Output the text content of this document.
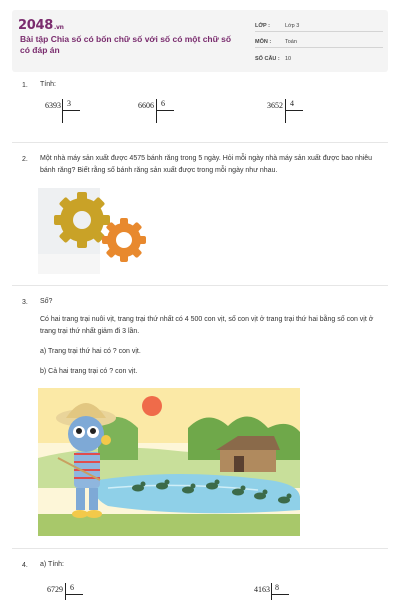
2048.vn
Bài tập Chia số có bốn chữ số với số có một chữ số có đáp án
LỚP :	Lớp 3
MÔN :	Toán
SỐ CÂU : 10
1. Tính:
6393 3	6606 6	3652 4
2. Một nhà máy sản xuất được 4575 bánh răng trong 5 ngày. Hỏi mỗi ngày nhà máy sản xuất được bao nhiêu bánh răng? Biết rằng số bánh răng sản xuất được trong mỗi ngày như nhau.
3. Số?
Có hai trang trại nuôi vịt, trang trại thứ nhất có 4 500 con vịt, số con vịt ở trang trại thứ hai bằng số con vịt ở trang trại thứ nhất giảm đi 3 lần.
a) Trang trại thứ hai có ? con vịt.
b) Cả hai trang trại có ? con vịt.
4. a) Tính:
6729 6	4163 8
